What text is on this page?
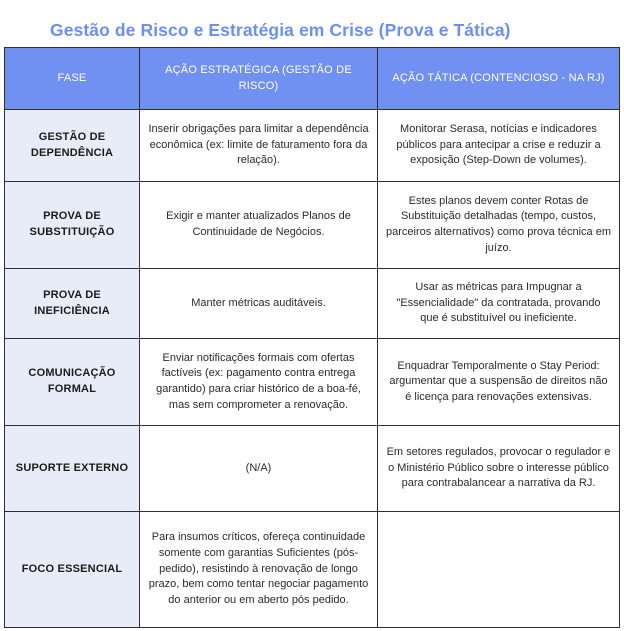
Gestão de Risco e Estratégia em Crise (Prova e Tática)
FASE	AÇÃO ESTRATÉGICA (GESTÃO DE RISCO)	AÇÃO TÁTICA (CONTENCIOSO - NA RJ)
GESTÃO DE DEPENDÊNCIA	Inserir obrigações para limitar a dependência econômica (ex: limite de faturamento fora da relação).	Monitorar Serasa, notícias e indicadores públicos para antecipar a crise e reduzir a exposição (Step-Down de volumes).
PROVA DE SUBSTITUIÇÃO	Exigir e manter atualizados Planos de Continuidade de Negócios.	Estes planos devem conter Rotas de Substituição detalhadas (tempo, custos, parceiros alternativos) como prova técnica em juízo.
PROVA DE INEFICIÊNCIA	Manter métricas auditáveis.	Usar as métricas para Impugnar a "Essencialidade" da contratada, provando que é substituível ou ineficiente.
COMUNICAÇÃO FORMAL	Enviar notificações formais com ofertas factíveis (ex: pagamento contra entrega garantido) para criar histórico de a boa-fé, mas sem comprometer a renovação.	Enquadrar Temporalmente o Stay Period: argumentar que a suspensão de direitos não é licença para renovações extensivas.
SUPORTE EXTERNO	(N/A)	Em setores regulados, provocar o regulador e o Ministério Público sobre o interesse público para contrabalancear a narrativa da RJ.
FOCO ESSENCIAL	Para insumos críticos, ofereça continuidade somente com garantias Suficientes (pós-pedido), resistindo à renovação de longo prazo, bem como tentar negociar pagamento do anterior ou em aberto pós pedido.	
